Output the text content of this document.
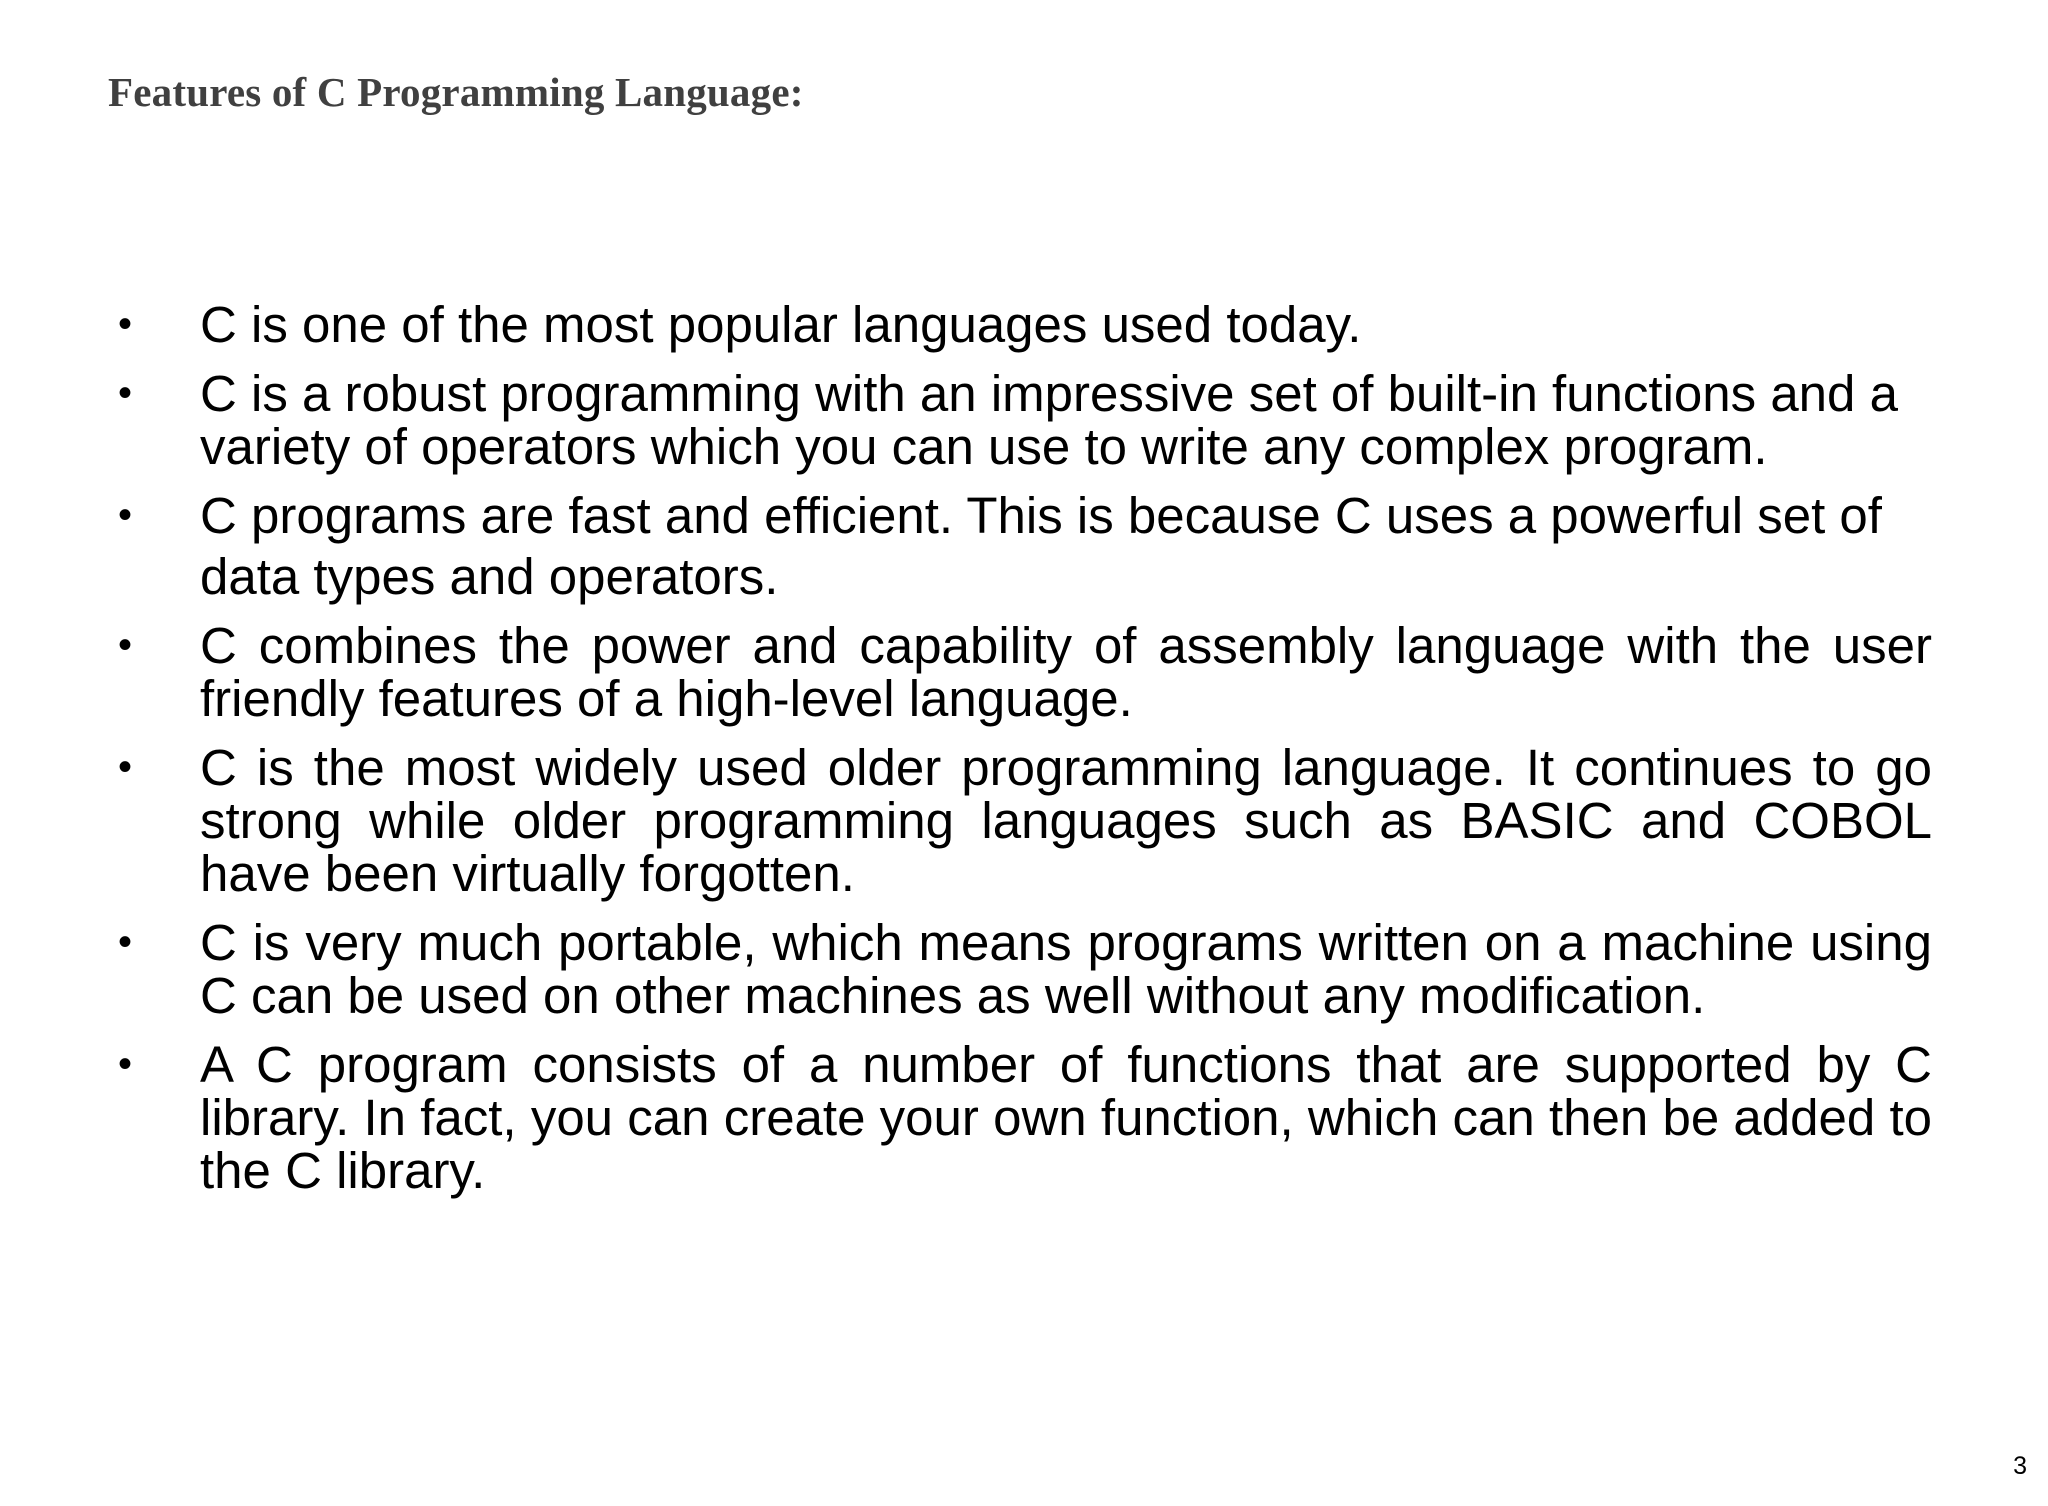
Features of C Programming Language:
•	C is one of the most popular languages used today.
•	C is a robust programming with an impressive set of built-in functions and a variety of operators which you can use to write any complex program.
•	C programs are fast and efficient. This is because C uses a powerful set of
data types and operators.
•	C combines the power and capability of assembly language with the user friendly features of a high-level language.
•	C is the most widely used older programming language. It continues to go strong while older programming languages such as BASIC and COBOL have been virtually forgotten.
•	C is very much portable, which means programs written on a machine using C can be used on other machines as well without any modification.
•	A C program consists of a number of functions that are supported by C library. In fact, you can create your own function, which can then be added to the C library.
3
